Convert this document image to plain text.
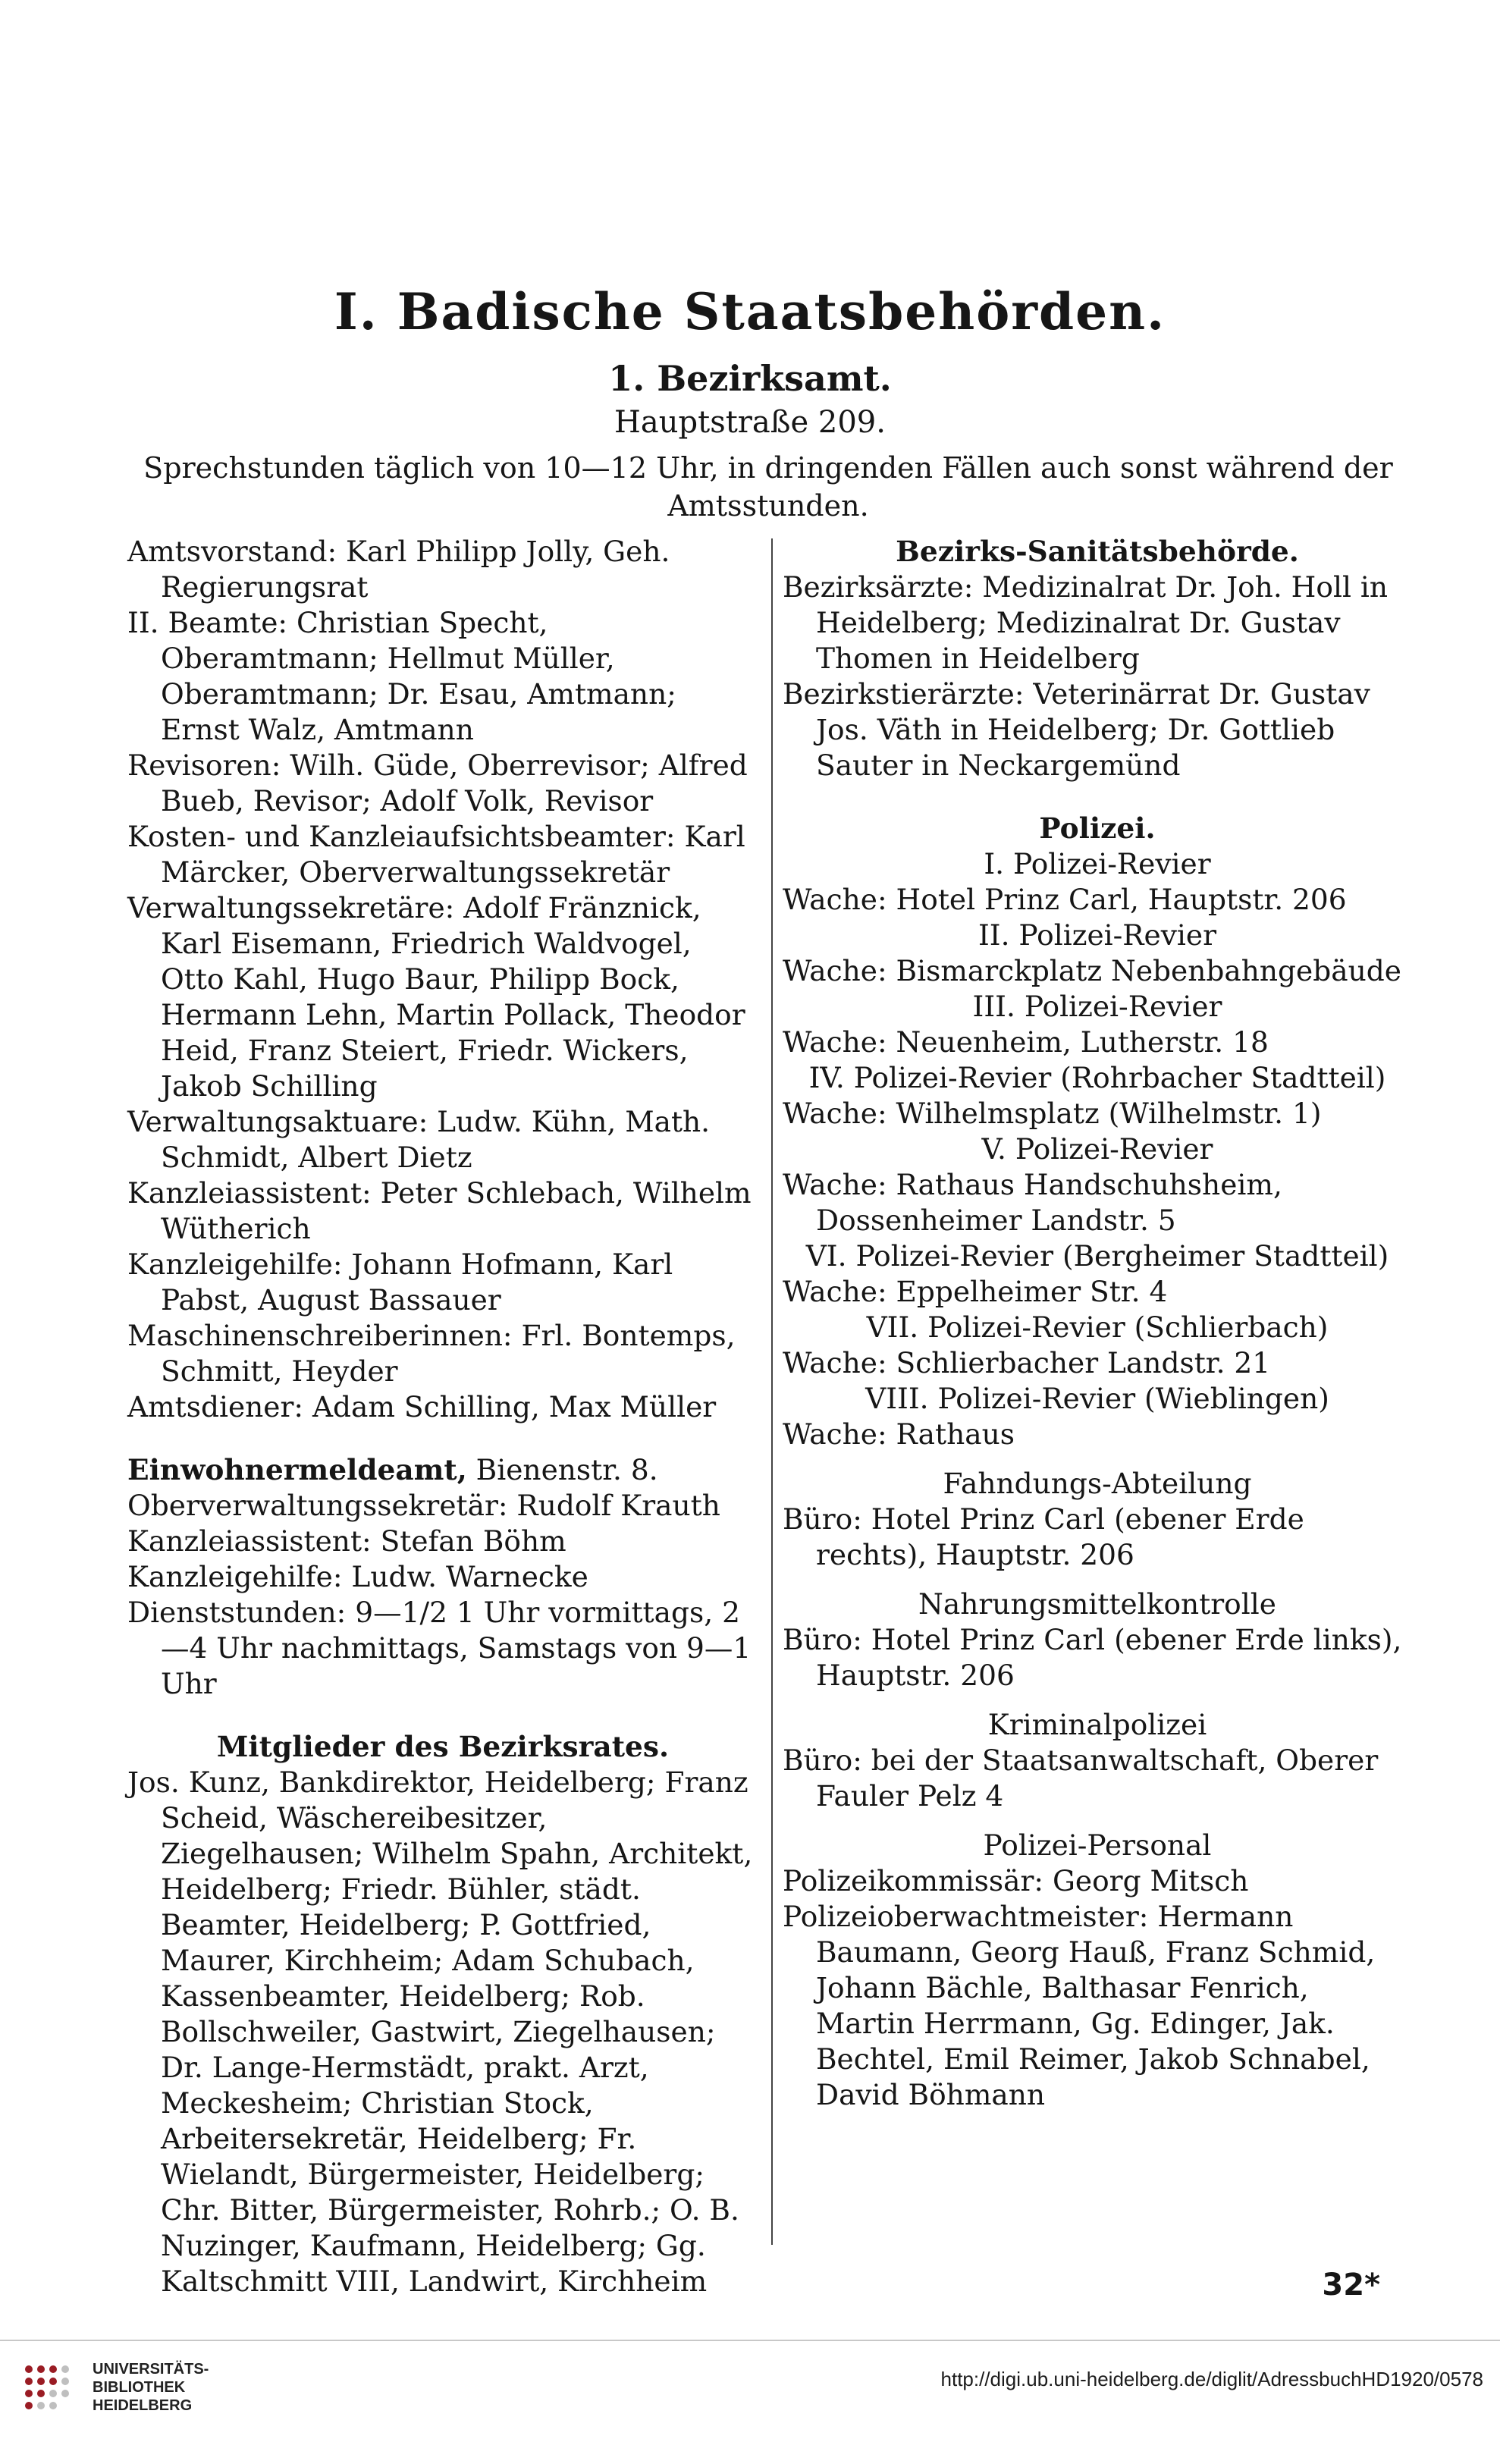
I. Badische Staatsbehörden.
1. Bezirksamt.
Hauptstraße 209.
Sprechstunden täglich von 10—12 Uhr, in dringenden Fällen auch sonst während der Amtsstunden.

Amtsvorstand: Karl Philipp Jolly, Geh. Regierungsrat

II. Beamte: Christian Specht, Oberamtmann; Hellmut Müller, Oberamtmann; Dr. Esau, Amtmann; Ernst Walz, Amtmann

Revisoren: Wilh. Güde, Oberrevisor; Alfred Bueb, Revisor; Adolf Volk, Revisor

Kosten- und Kanzleiaufsichtsbeamter: Karl Märcker, Oberverwaltungssekretär

Verwaltungssekretäre: Adolf Fränznick, Karl Eisemann, Friedrich Waldvogel, Otto Kahl, Hugo Baur, Philipp Bock, Hermann Lehn, Martin Pollack, Theodor Heid, Franz Steiert, Friedr. Wickers, Jakob Schilling

Verwaltungsaktuare: Ludw. Kühn, Math. Schmidt, Albert Dietz

Kanzleiassistent: Peter Schlebach, Wilhelm Wütherich

Kanzleigehilfe: Johann Hofmann, Karl Pabst, August Bassauer

Maschinenschreiberinnen: Frl. Bontemps, Schmitt, Heyder

Amtsdiener: Adam Schilling, Max Müller

Einwohnermeldeamt, Bienenstr. 8.

Oberverwaltungssekretär: Rudolf Krauth

Kanzleiassistent: Stefan Böhm

Kanzleigehilfe: Ludw. Warnecke

Dienststunden: 9—1/2 1 Uhr vormittags, 2—4 Uhr nachmittags, Samstags von 9—1 Uhr

Mitglieder des Bezirksrates.

Jos. Kunz, Bankdirektor, Heidelberg; Franz Scheid, Wäschereibesitzer, Ziegelhausen; Wilhelm Spahn, Architekt, Heidelberg; Friedr. Bühler, städt. Beamter, Heidelberg; P. Gottfried, Maurer, Kirchheim; Adam Schubach, Kassenbeamter, Heidelberg; Rob. Bollschweiler, Gastwirt, Ziegelhausen; Dr. Lange-Hermstädt, prakt. Arzt, Meckesheim; Christian Stock, Arbeitersekretär, Heidelberg; Fr. Wielandt, Bürgermeister, Heidelberg; Chr. Bitter, Bürgermeister, Rohrb.; O. B. Nuzinger, Kaufmann, Heidelberg; Gg. Kaltschmitt VIII, Landwirt, Kirchheim

Bezirks-Sanitätsbehörde.

Bezirksärzte: Medizinalrat Dr. Joh. Holl in Heidelberg; Medizinalrat Dr. Gustav Thomen in Heidelberg

Bezirkstierärzte: Veterinärrat Dr. Gustav Jos. Väth in Heidelberg; Dr. Gottlieb Sauter in Neckargemünd

Polizei.

I. Polizei-Revier

Wache: Hotel Prinz Carl, Hauptstr. 206

II. Polizei-Revier

Wache: Bismarckplatz Nebenbahngebäude

III. Polizei-Revier

Wache: Neuenheim, Lutherstr. 18

IV. Polizei-Revier (Rohrbacher Stadtteil)

Wache: Wilhelmsplatz (Wilhelmstr. 1)

V. Polizei-Revier

Wache: Rathaus Handschuhsheim, Dossenheimer Landstr. 5

VI. Polizei-Revier (Bergheimer Stadtteil)

Wache: Eppelheimer Str. 4

VII. Polizei-Revier (Schlierbach)

Wache: Schlierbacher Landstr. 21

VIII. Polizei-Revier (Wieblingen)

Wache: Rathaus

Fahndungs-Abteilung

Büro: Hotel Prinz Carl (ebener Erde rechts), Hauptstr. 206

Nahrungsmittelkontrolle

Büro: Hotel Prinz Carl (ebener Erde links), Hauptstr. 206

Kriminalpolizei

Büro: bei der Staatsanwaltschaft, Oberer Fauler Pelz 4

Polizei-Personal

Polizeikommissär: Georg Mitsch

Polizeioberwachtmeister: Hermann Baumann, Georg Hauß, Franz Schmid, Johann Bächle, Balthasar Fenrich, Martin Herrmann, Gg. Edinger, Jak. Bechtel, Emil Reimer, Jakob Schnabel, David Böhmann

32*
UNIVERSITÄTS-
BIBLIOTHEK
HEIDELBERG
http://digi.ub.uni-heidelberg.de/diglit/AdressbuchHD1920/0578
